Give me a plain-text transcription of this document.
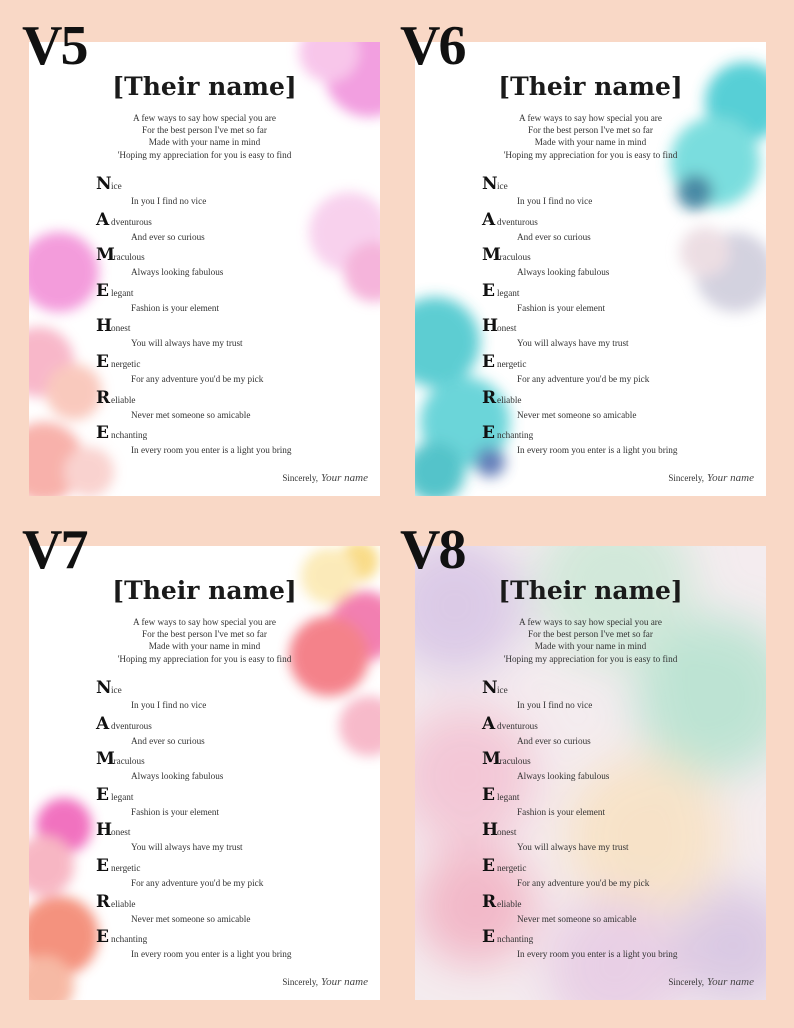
V5	V6
V7	V8
[Their name]
A few ways to say how special you are
For the best person I've met so far
Made with your name in mind
'Hoping my appreciation for you is easy to find
N ice
In you I find no vice
A dventurous
And ever so curious
M
iraculous
Always looking fabulous
E legant
Fashion is your element
H
onest
You will always have my trust
E nergetic
For any adventure you'd be my pick
R eliable
Never met someone so amicable
E nchanting
In every room you enter is a light you bring
Sincerely, Your name
[Their name]
A few ways to say how special you are
For the best person I've met so far
Made with your name in mind
'Hoping my appreciation for you is easy to find
N ice
In you I find no vice
A dventurous
And ever so curious
M
iraculous
Always looking fabulous
E legant
Fashion is your element
H
onest
You will always have my trust
E nergetic
For any adventure you'd be my pick
R eliable
Never met someone so amicable
E nchanting
In every room you enter is a light you bring
Sincerely, Your name
[Their name]
A few ways to say how special you are
For the best person I've met so far
Made with your name in mind
'Hoping my appreciation for you is easy to find
N ice
In you I find no vice
A dventurous
And ever so curious
M
iraculous
Always looking fabulous
E legant
Fashion is your element
H
onest
You will always have my trust
E nergetic
For any adventure you'd be my pick
R eliable
Never met someone so amicable
E nchanting
In every room you enter is a light you bring
Sincerely, Your name
[Their name]
A few ways to say how special you are
For the best person I've met so far
Made with your name in mind
'Hoping my appreciation for you is easy to find
N ice
In you I find no vice
A dventurous
And ever so curious
M
iraculous
Always looking fabulous
E legant
Fashion is your element
H
onest
You will always have my trust
E nergetic
For any adventure you'd be my pick
R eliable
Never met someone so amicable
E nchanting
In every room you enter is a light you bring
Sincerely, Your name
